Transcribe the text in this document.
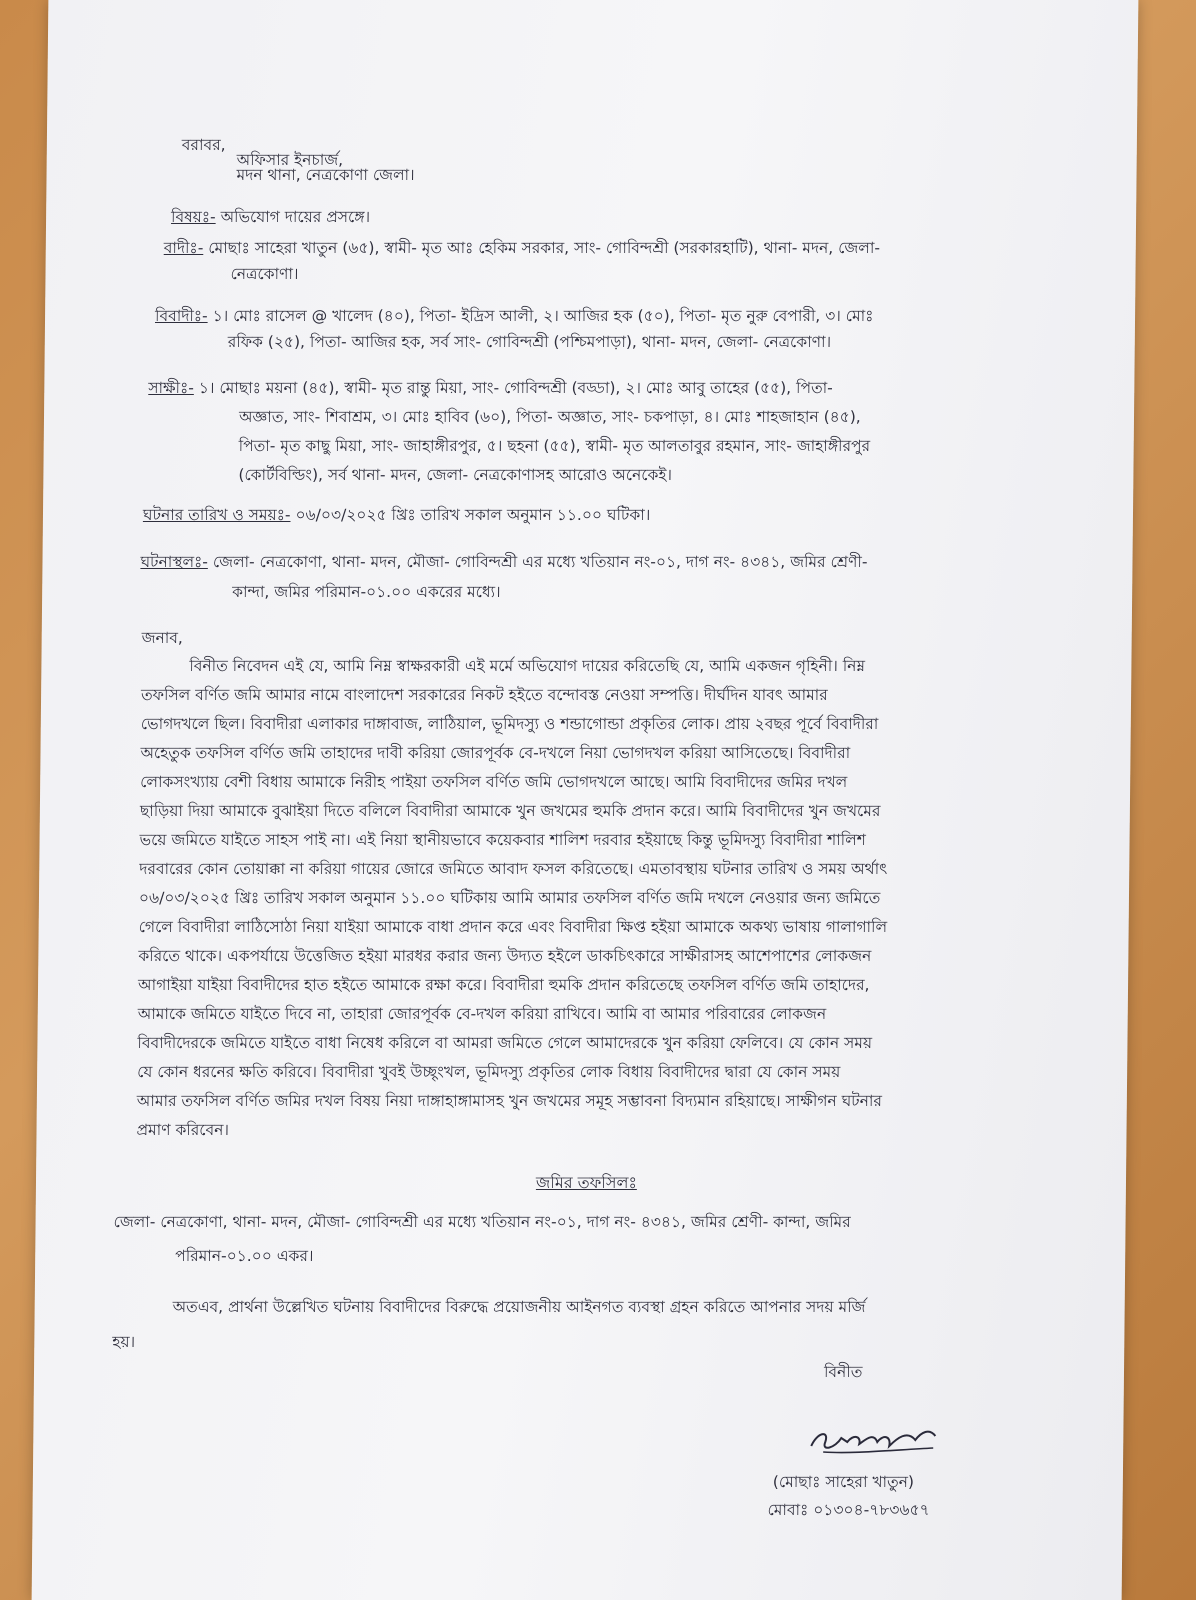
বরাবর,
অফিসার ইনচার্জ,
মদন থানা, নেত্রকোণা জেলা।
বিষয়ঃ- অভিযোগ দায়ের প্রসঙ্গে।
বাদীঃ- মোছাঃ সাহেরা খাতুন (৬৫), স্বামী- মৃত আঃ হেকিম সরকার, সাং- গোবিন্দশ্রী (সরকারহাটি), থানা- মদন, জেলা-
নেত্রকোণা।
বিবাদীঃ- ১। মোঃ রাসেল @ খালেদ (৪০), পিতা- ইদ্রিস আলী, ২। আজির হক (৫০), পিতা- মৃত নুরু বেপারী, ৩। মোঃ
রফিক (২৫), পিতা- আজির হক, সর্ব সাং- গোবিন্দশ্রী (পশ্চিমপাড়া), থানা- মদন, জেলা- নেত্রকোণা।
সাক্ষীঃ- ১। মোছাঃ ময়না (৪৫), স্বামী- মৃত রান্তু মিয়া, সাং- গোবিন্দশ্রী (বড্ডা), ২। মোঃ আবু তাহের (৫৫), পিতা-
অজ্ঞাত, সাং- শিবাশ্রম, ৩। মোঃ হাবিব (৬০), পিতা- অজ্ঞাত, সাং- চকপাড়া, ৪। মোঃ শাহজাহান (৪৫),
পিতা- মৃত কাছু মিয়া, সাং- জাহাঙ্গীরপুর, ৫। ছহনা (৫৫), স্বামী- মৃত আলতাবুর রহমান, সাং- জাহাঙ্গীরপুর
(কোর্টবিল্ডিং), সর্ব থানা- মদন, জেলা- নেত্রকোণাসহ আরোও অনেকেই।
ঘটনার তারিখ ও সময়ঃ- ০৬/০৩/২০২৫ খ্রিঃ তারিখ সকাল অনুমান ১১.০০ ঘটিকা।
ঘটনাস্থলঃ- জেলা- নেত্রকোণা, থানা- মদন, মৌজা- গোবিন্দশ্রী এর মধ্যে খতিয়ান নং-০১, দাগ নং- ৪৩৪১, জমির শ্রেণী-
কান্দা, জমির পরিমান-০১.০০ একরের মধ্যে।
জনাব,
বিনীত নিবেদন এই যে, আমি নিম্ন স্বাক্ষরকারী এই মর্মে অভিযোগ দায়ের করিতেছি যে, আমি একজন গৃহিনী। নিম্ন
তফসিল বর্ণিত জমি আমার নামে বাংলাদেশ সরকারের নিকট হইতে বন্দোবস্ত নেওয়া সম্পত্তি। দীর্ঘদিন যাবৎ আমার
ভোগদখলে ছিল। বিবাদীরা এলাকার দাঙ্গাবাজ, লাঠিয়াল, ভূমিদস্যু ও শন্ডাগোন্ডা প্রকৃতির লোক। প্রায় ২বছর পূর্বে বিবাদীরা
অহেতুক তফসিল বর্ণিত জমি তাহাদের দাবী করিয়া জোরপূর্বক বে-দখলে নিয়া ভোগদখল করিয়া আসিতেছে। বিবাদীরা
লোকসংখ্যায় বেশী বিধায় আমাকে নিরীহ পাইয়া তফসিল বর্ণিত জমি ভোগদখলে আছে। আমি বিবাদীদের জমির দখল
ছাড়িয়া দিয়া আমাকে বুঝাইয়া দিতে বলিলে বিবাদীরা আমাকে খুন জখমের হুমকি প্রদান করে। আমি বিবাদীদের খুন জখমের
ভয়ে জমিতে যাইতে সাহস পাই না। এই নিয়া স্থানীয়ভাবে কয়েকবার শালিশ দরবার হইয়াছে কিন্তু ভূমিদস্যু বিবাদীরা শালিশ
দরবারের কোন তোয়াক্কা না করিয়া গায়ের জোরে জমিতে আবাদ ফসল করিতেছে। এমতাবস্থায় ঘটনার তারিখ ও সময় অর্থাৎ
০৬/০৩/২০২৫ খ্রিঃ তারিখ সকাল অনুমান ১১.০০ ঘটিকায় আমি আমার তফসিল বর্ণিত জমি দখলে নেওয়ার জন্য জমিতে
গেলে বিবাদীরা লাঠিসোঠা নিয়া যাইয়া আমাকে বাধা প্রদান করে এবং বিবাদীরা ক্ষিপ্ত হইয়া আমাকে অকথ্য ভাষায় গালাগালি
করিতে থাকে। একপর্যায়ে উত্তেজিত হইয়া মারধর করার জন্য উদ্যত হইলে ডাকচিৎকারে সাক্ষীরাসহ আশেপাশের লোকজন
আগাইয়া যাইয়া বিবাদীদের হাত হইতে আমাকে রক্ষা করে। বিবাদীরা হুমকি প্রদান করিতেছে তফসিল বর্ণিত জমি তাহাদের,
আমাকে জমিতে যাইতে দিবে না, তাহারা জোরপূর্বক বে-দখল করিয়া রাখিবে। আমি বা আমার পরিবারের লোকজন
বিবাদীদেরকে জমিতে যাইতে বাধা নিষেধ করিলে বা আমরা জমিতে গেলে আমাদেরকে খুন করিয়া ফেলিবে। যে কোন সময়
যে কোন ধরনের ক্ষতি করিবে। বিবাদীরা খুবই উচ্ছৃংখল, ভূমিদস্যু প্রকৃতির লোক বিধায় বিবাদীদের দ্বারা যে কোন সময়
আমার তফসিল বর্ণিত জমির দখল বিষয় নিয়া দাঙ্গাহাঙ্গামাসহ খুন জখমের সমূহ সম্ভাবনা বিদ্যমান রহিয়াছে। সাক্ষীগন ঘটনার
প্রমাণ করিবেন।
জমির তফসিলঃ
জেলা- নেত্রকোণা, থানা- মদন, মৌজা- গোবিন্দশ্রী এর মধ্যে খতিয়ান নং-০১, দাগ নং- ৪৩৪১, জমির শ্রেণী- কান্দা, জমির
পরিমান-০১.০০ একর।
অতএব, প্রার্থনা উল্লেখিত ঘটনায় বিবাদীদের বিরুদ্ধে প্রয়োজনীয় আইনগত ব্যবস্থা গ্রহন করিতে আপনার সদয় মর্জি
হয়।
বিনীত
(মোছাঃ সাহেরা খাতুন)
মোবাঃ ০১৩০৪-৭৮৩৬৫৭
